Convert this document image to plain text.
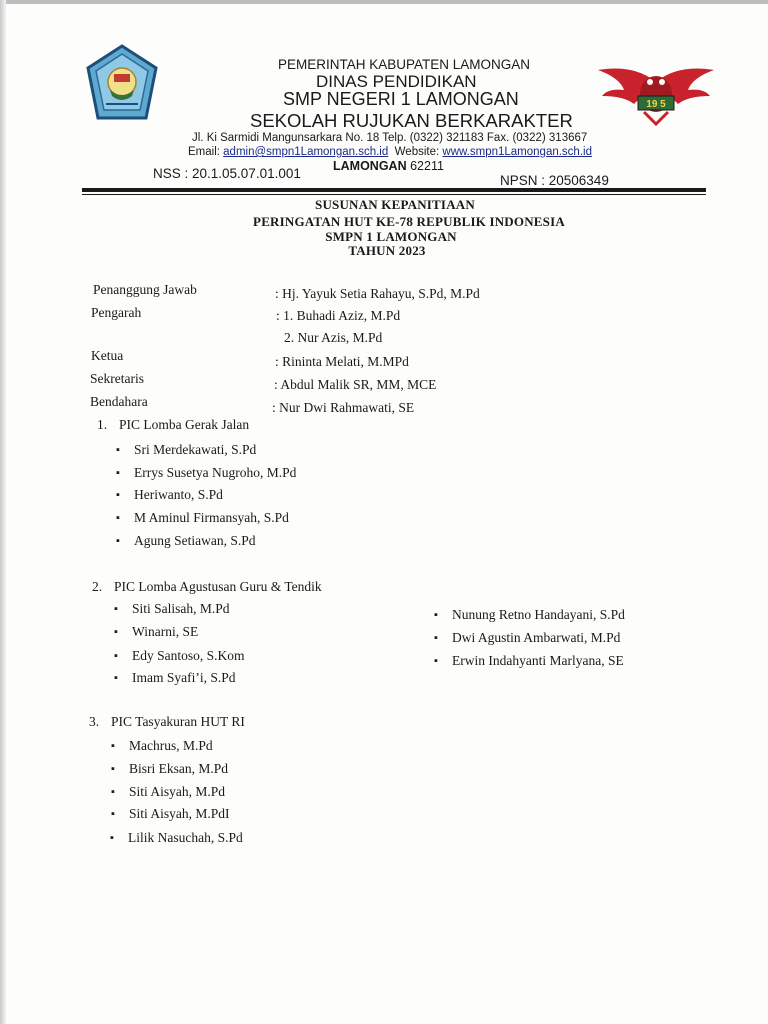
19 5
PEMERINTAH KABUPATEN LAMONGAN
DINAS PENDIDIKAN
SMP NEGERI 1 LAMONGAN
SEKOLAH RUJUKAN BERKARAKTER
Jl. Ki Sarmidi Mangunsarkara No. 18 Telp. (0322) 321183 Fax. (0322) 313667
Email: admin@smpn1Lamongan.sch.id Website: www.smpn1Lamongan.sch.id
LAMONGAN 62211
NSS : 20.1.05.07.01.001	NPSN : 20506349
SUSUNAN KEPANITIAAN
PERINGATAN HUT KE-78 REPUBLIK INDONESIA
SMPN 1 LAMONGAN
TAHUN 2023
Penanggung Jawab	: Hj. Yayuk Setia Rahayu, S.Pd, M.Pd
Pengarah	: 1. Buhadi Aziz, M.Pd
2. Nur Azis, M.Pd
Ketua	: Rininta Melati, M.MPd
Sekretaris	: Abdul Malik SR, MM, MCE
Bendahara	: Nur Dwi Rahmawati, SE
1. PIC Lomba Gerak Jalan
▪ Sri Merdekawati, S.Pd
▪ Errys Susetya Nugroho, M.Pd
▪ Heriwanto, S.Pd
▪ M Aminul Firmansyah, S.Pd
▪ Agung Setiawan, S.Pd
2. PIC Lomba Agustusan Guru & Tendik
▪ Siti Salisah, M.Pd
▪ Winarni, SE
▪ Edy Santoso, S.Kom
▪ Imam Syafi’i, S.Pd
▪ Nunung Retno Handayani, S.Pd
▪ Dwi Agustin Ambarwati, M.Pd
▪ Erwin Indahyanti Marlyana, SE
3. PIC Tasyakuran HUT RI
▪ Machrus, M.Pd
▪ Bisri Eksan, M.Pd
▪ Siti Aisyah, M.Pd
▪ Siti Aisyah, M.PdI
▪ Lilik Nasuchah, S.Pd
